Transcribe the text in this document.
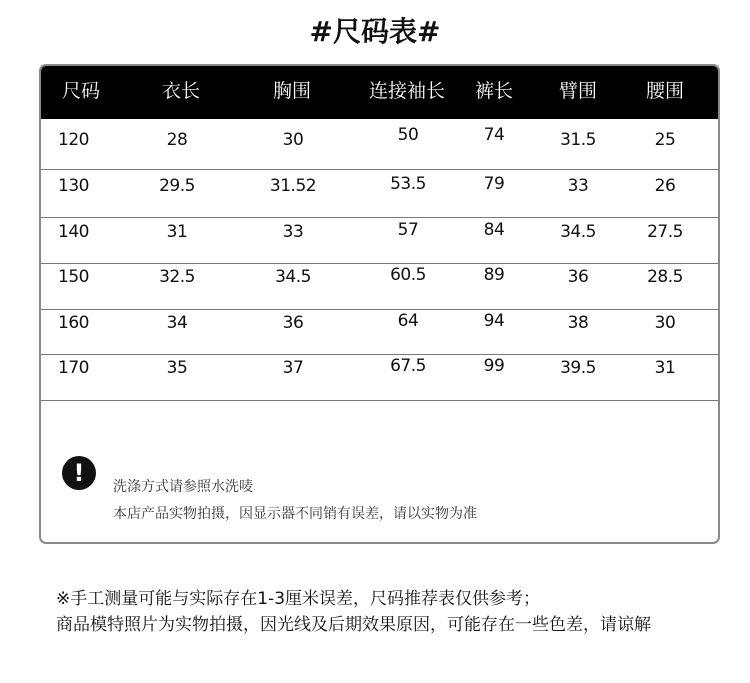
#尺码表#
尺码	衣长	胸围	连接袖长	裤长	臂围	腰围
120	28	30	50	74	31.5	25
130	29.5	31.52	53.5	79	33	26
140	31	33	57	84	34.5	27.5
150	32.5	34.5	60.5	89	36	28.5
160	34	36	64	94	38	30
170	35	37	67.5	99	39.5	31
!	洗涤方式请参照水洗唛
本店产品实物拍摄，因显示器不同销有误差，请以实物为准
※手工测量可能与实际存在1-3厘米误差，尺码推荐表仅供参考；
商品模特照片为实物拍摄，因光线及后期效果原因，可能存在一些色差，请谅解
